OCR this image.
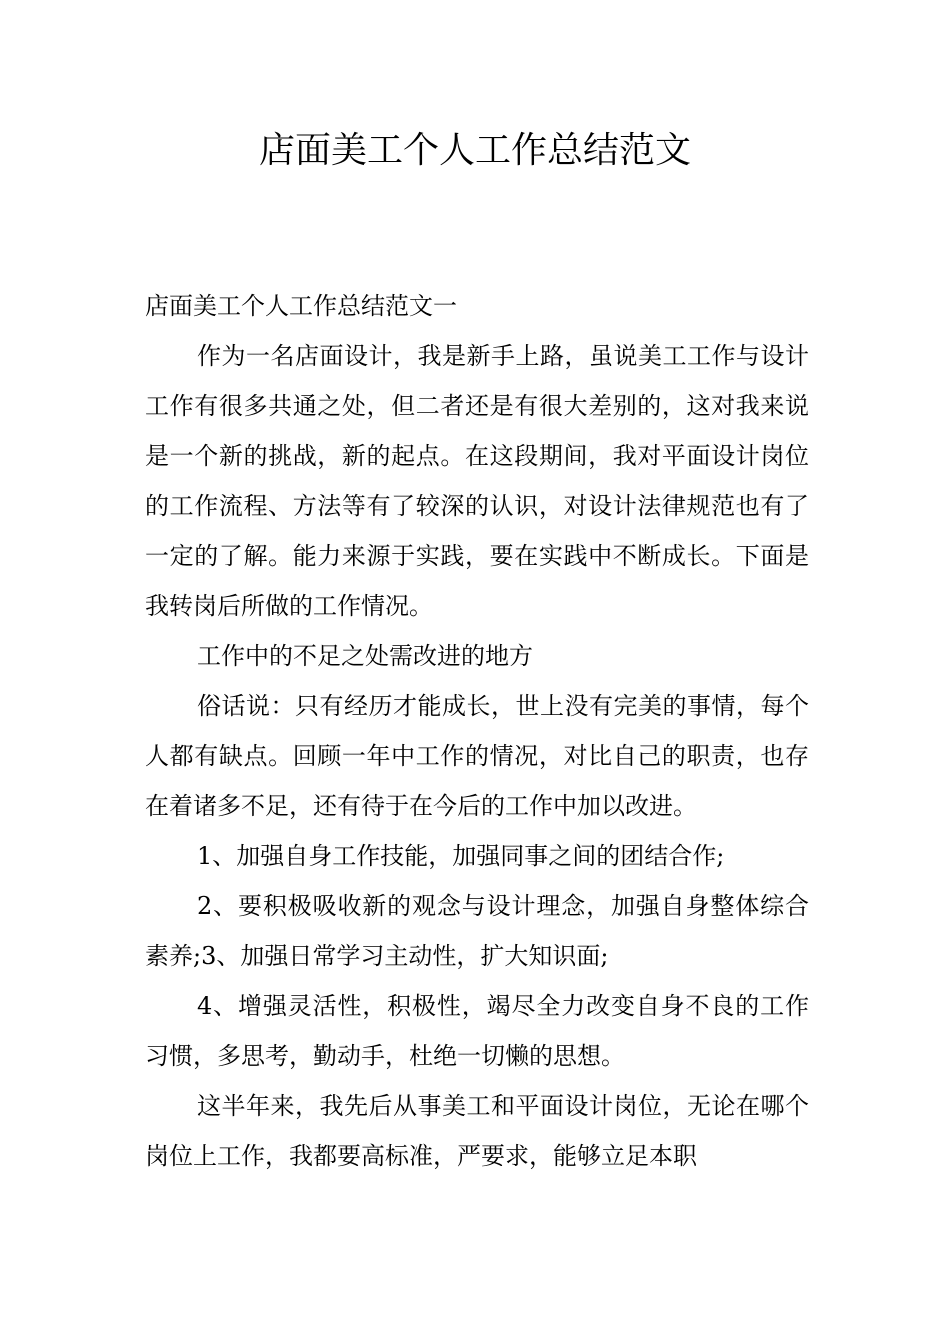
店面美工个人工作总结范文

店面美工个人工作总结范文一

作为一名店面设计，我是新手上路，虽说美工工作与设计工作有很多共通之处，但二者还是有很大差别的，这对我来说是一个新的挑战，新的起点。在这段期间，我对平面设计岗位的工作流程、方法等有了较深的认识，对设计法律规范也有了一定的了解。能力来源于实践，要在实践中不断成长。下面是我转岗后所做的工作情况。

工作中的不足之处需改进的地方

俗话说：只有经历才能成长，世上没有完美的事情，每个人都有缺点。回顾一年中工作的情况，对比自己的职责，也存在着诸多不足，还有待于在今后的工作中加以改进。

1、加强自身工作技能，加强同事之间的团结合作;

2、要积极吸收新的观念与设计理念，加强自身整体综合素养;3、加强日常学习主动性，扩大知识面;

4、增强灵活性，积极性，竭尽全力改变自身不良的工作习惯，多思考，勤动手，杜绝一切懒的思想。

这半年来，我先后从事美工和平面设计岗位，无论在哪个岗位上工作，我都要高标准，严要求，能够立足本职
